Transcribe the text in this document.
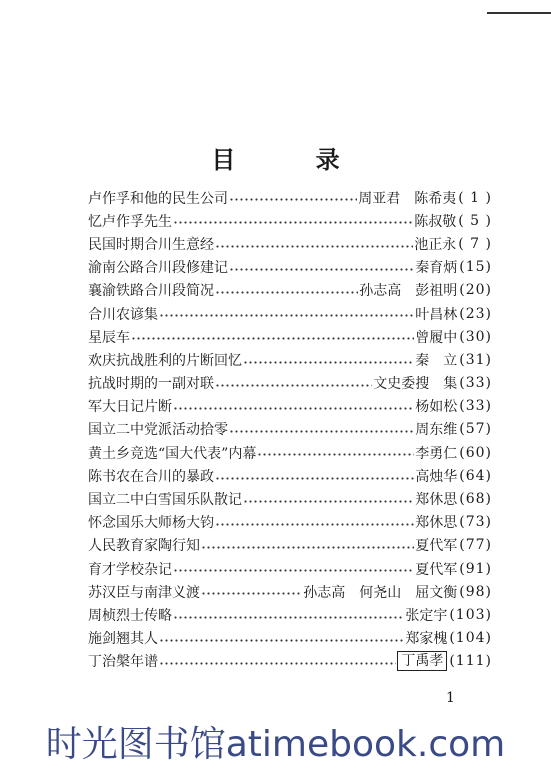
目 录
卢作孚和他的民生公司	周亚君　陈希夷 ( 1 )
忆卢作孚先生	陈叔敬 ( 5 )
民国时期合川生意经	池正永 ( 7 )
渝南公路合川段修建记	秦育炳 (15)
襄渝铁路合川段简况	孙志高　彭祖明 (20)
合川农谚集	叶昌林 (23)
星辰车	曾履中 (30)
欢庆抗战胜利的片断回忆	秦　立 (31)
抗战时期的一副对联	文史委搜　集 (33)
军大日记片断	杨如松 (33)
国立二中党派活动拾零	周东维 (57)
黄土乡竞选“国大代表”内幕	李勇仁 (60)
陈书农在合川的暴政	高烛华 (64)
国立二中白雪国乐队散记	郑休思 (68)
怀念国乐大师杨大钧	郑休思 (73)
人民教育家陶行知	夏代军 (77)
育才学校杂记	夏代军 (91)
苏汉臣与南津义渡	孙志高　何尧山　屈文衡 (98)
周桢烈士传略	张定宇 (103)
施剑翘其人	郑家槐 (104)
丁治槃年谱	丁禹孝 (111)
1
时光图书馆atimebook.com
